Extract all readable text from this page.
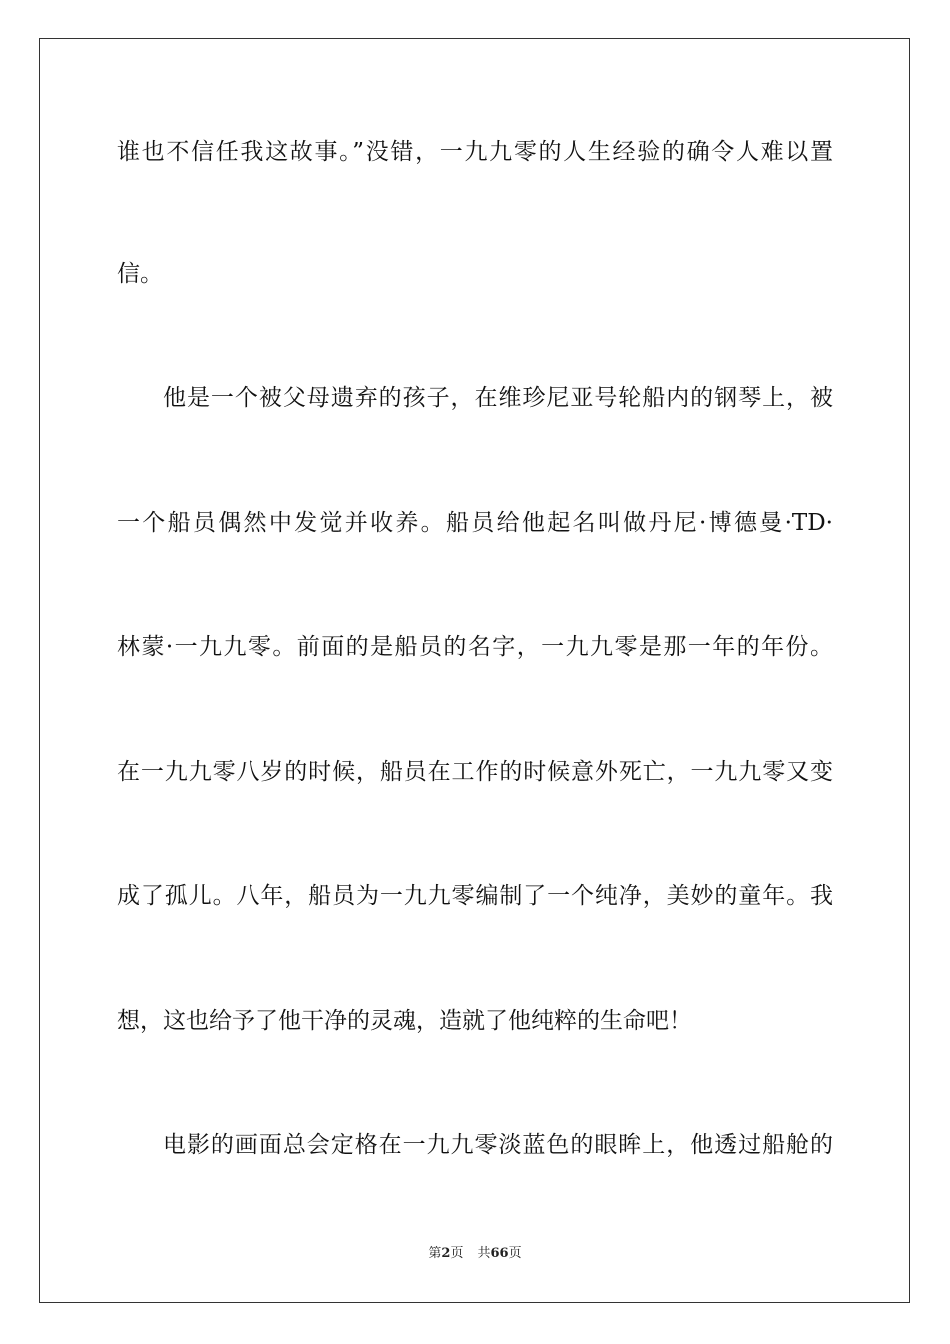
谁也不信任我这故事。”没错，一九九零的人生经验的确令人难以置
信。
他是一个被父母遗弃的孩子，在维珍尼亚号轮船内的钢琴上，被
一个船员偶然中发觉并收养。船员给他起名叫做丹尼·博德曼·TD·
林蒙·一九九零。前面的是船员的名字，一九九零是那一年的年份。
在一九九零八岁的时候，船员在工作的时候意外死亡，一九九零又变
成了孤儿。八年，船员为一九九零编制了一个纯净，美妙的童年。我
想，这也给予了他干净的灵魂，造就了他纯粹的生命吧！
电影的画面总会定格在一九九零淡蓝色的眼眸上，他透过船舱的
第2页 共66页
